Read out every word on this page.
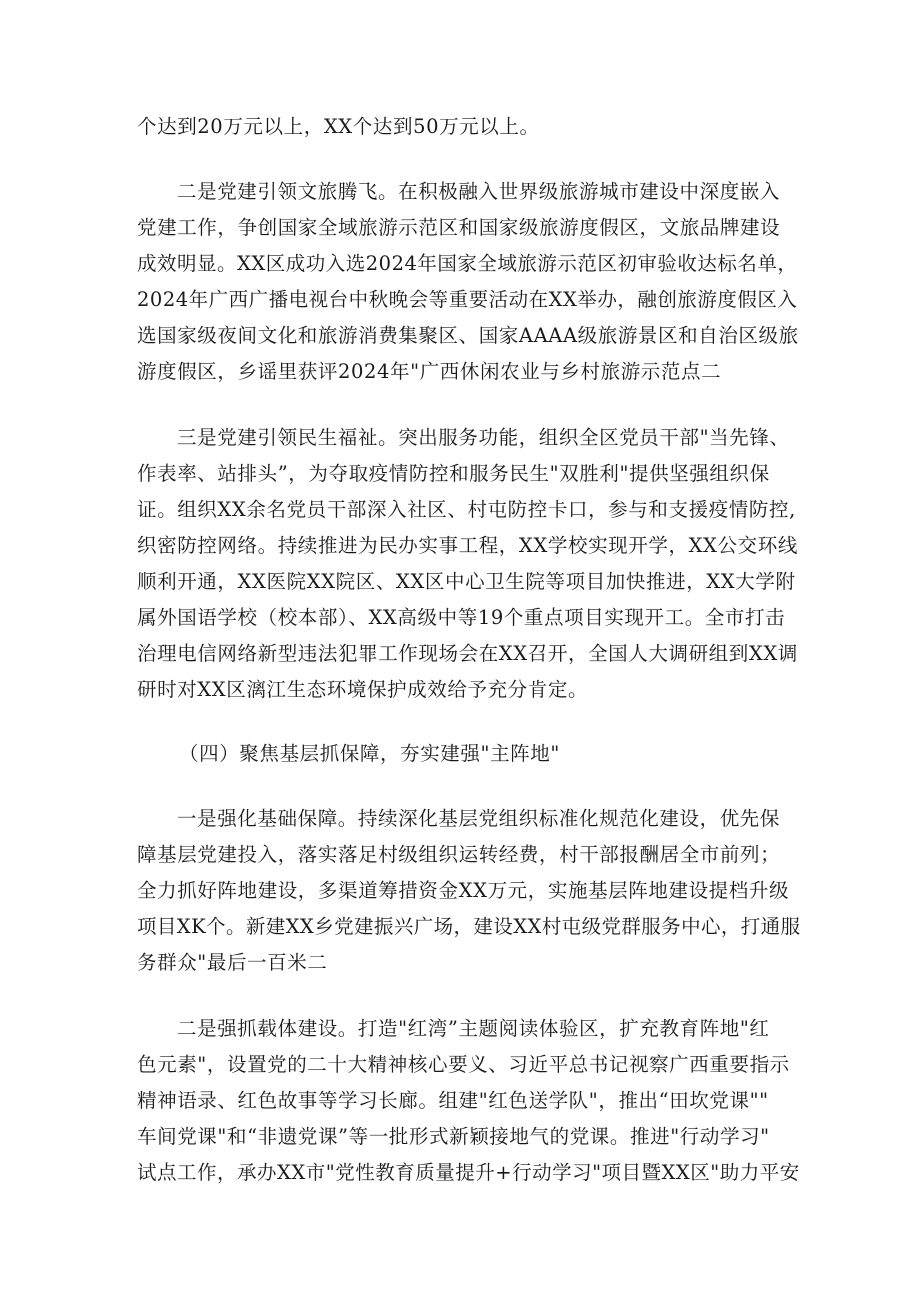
个达到20万元以上，XX个达到50万元以上。
二是党建引领文旅腾飞。在积极融入世界级旅游城市建设中深度嵌入
党建工作，争创国家全域旅游示范区和国家级旅游度假区，文旅品牌建设
成效明显。XX区成功入选2024年国家全域旅游示范区初审验收达标名单，
2024年广西广播电视台中秋晚会等重要活动在XX举办，融创旅游度假区入
选国家级夜间文化和旅游消费集聚区、国家AAAA级旅游景区和自治区级旅
游度假区，乡谣里获评2024年"广西休闲农业与乡村旅游示范点二
三是党建引领民生福祉。突出服务功能，组织全区党员干部"当先锋、
作表率、站排头”，为夺取疫情防控和服务民生"双胜利"提供坚强组织保
证。组织XX余名党员干部深入社区、村屯防控卡口，参与和支援疫情防控,
织密防控网络。持续推进为民办实事工程，XX学校实现开学，XX公交环线
顺利开通，XX医院XX院区、XX区中心卫生院等项目加快推进，XX大学附
属外国语学校（校本部）、XX高级中等19个重点项目实现开工。全市打击
治理电信网络新型违法犯罪工作现场会在XX召开，全国人大调研组到XX调
研时对XX区漓江生态环境保护成效给予充分肯定。
（四）聚焦基层抓保障，夯实建强"主阵地"
一是强化基础保障。持续深化基层党组织标准化规范化建设，优先保
障基层党建投入，落实落足村级组织运转经费，村干部报酬居全市前列；
全力抓好阵地建设，多渠道筹措资金XX万元，实施基层阵地建设提档升级
项目XK个。新建XX乡党建振兴广场，建设XX村屯级党群服务中心，打通服
务群众"最后一百米二
二是强抓载体建设。打造"红湾”主题阅读体验区，扩充教育阵地"红
色元素"，设置党的二十大精神核心要义、习近平总书记视察广西重要指示
精神语录、红色故事等学习长廊。组建"红色送学队"，推出“田坎党课""
车间党课"和“非遗党课”等一批形式新颖接地气的党课。推进"行动学习"
试点工作，承办XX市"党性教育质量提升+行动学习"项目暨XX区"助力平安
